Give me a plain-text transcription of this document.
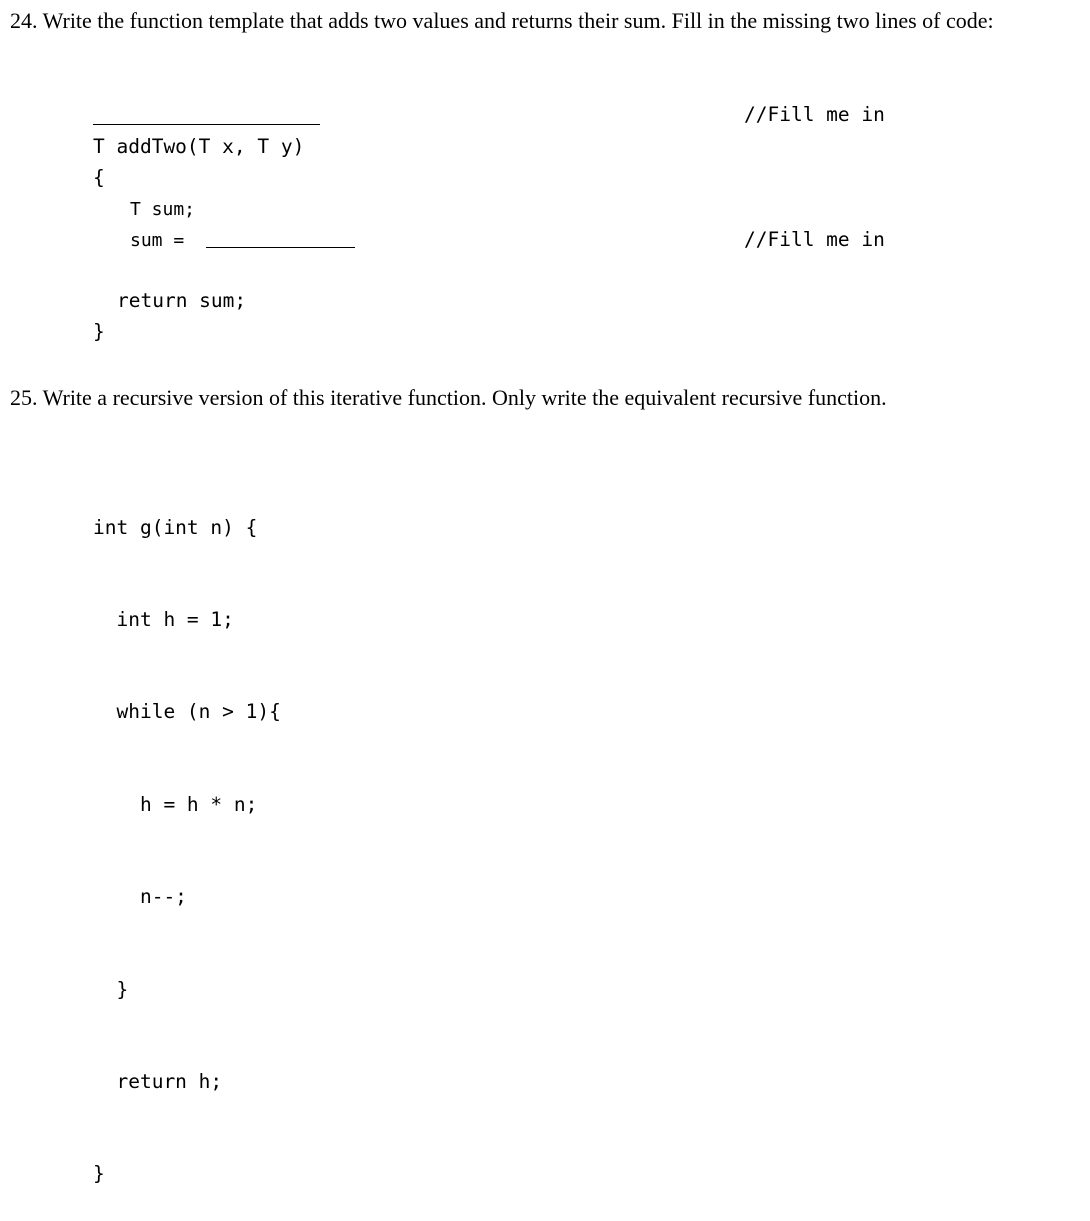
24. Write the function template that adds two values and returns their sum. Fill in the missing two lines of code:
//Fill me in
T addTwo(T x, T y)
{
T sum;
sum =	//Fill me in
return sum;
}
25. Write a recursive version of this iterative function. Only write the equivalent recursive function.

int g(int n) {

int h = 1;

while (n > 1){

h = h * n;

n--;

}

return h;

}
